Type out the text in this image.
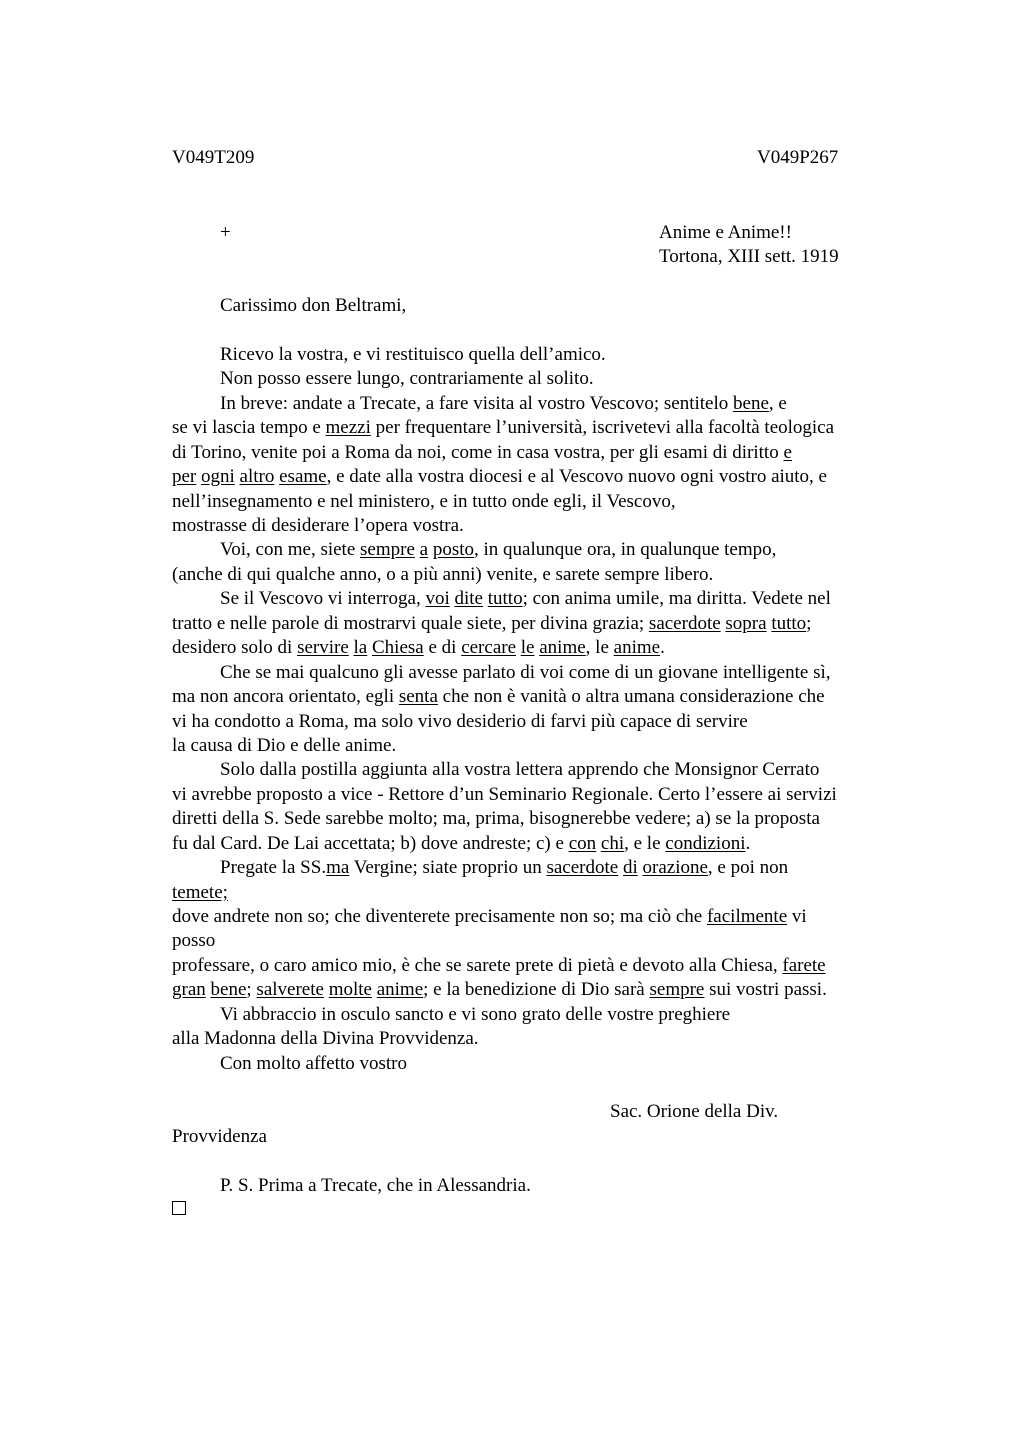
V049T209	V049P267
+	Anime e Anime!!
Tortona, XIII sett. 1919
Carissimo don Beltrami,
Ricevo la vostra, e vi restituisco quella dell’amico.
Non posso essere lungo, contrariamente al solito.
In breve: andate a Trecate, a fare visita al vostro Vescovo; sentitelo bene, e
se vi lascia tempo e mezzi per frequentare l’università, iscrivetevi alla facoltà teologica
di Torino, venite poi a Roma da noi, come in casa vostra, per gli esami di diritto e
per ogni altro esame, e date alla vostra diocesi e al Vescovo nuovo ogni vostro aiuto, e
nell’insegnamento e nel ministero, e in tutto onde egli, il Vescovo,
mostrasse di desiderare l’opera vostra.
Voi, con me, siete sempre a posto, in qualunque ora, in qualunque tempo,
(anche di qui qualche anno, o a più anni) venite, e sarete sempre libero.
Se il Vescovo vi interroga, voi dite tutto; con anima umile, ma diritta. Vedete nel
tratto e nelle parole di mostrarvi quale siete, per divina grazia; sacerdote sopra tutto;
desidero solo di servire la Chiesa e di cercare le anime, le anime.
Che se mai qualcuno gli avesse parlato di voi come di un giovane intelligente sì,
ma non ancora orientato, egli senta che non è vanità o altra umana considerazione che
vi ha condotto a Roma, ma solo vivo desiderio di farvi più capace di servire
la causa di Dio e delle anime.
Solo dalla postilla aggiunta alla vostra lettera apprendo che Monsignor Cerrato
vi avrebbe proposto a vice - Rettore d’un Seminario Regionale. Certo l’essere ai servizi
diretti della S. Sede sarebbe molto; ma, prima, bisognerebbe vedere; a) se la proposta
fu dal Card. De Lai accettata; b) dove andreste; c) e con chi, e le condizioni.
Pregate la SS.ma Vergine; siate proprio un sacerdote di orazione, e poi non
temete;
dove andrete non so; che diventerete precisamente non so; ma ciò che facilmente vi
posso
professare, o caro amico mio, è che se sarete prete di pietà e devoto alla Chiesa, farete
gran bene; salverete molte anime; e la benedizione di Dio sarà sempre sui vostri passi.
Vi abbraccio in osculo sancto e vi sono grato delle vostre preghiere
alla Madonna della Divina Provvidenza.
Con molto affetto vostro
Sac. Orione della Div.
Provvidenza
P. S. Prima a Trecate, che in Alessandria.
